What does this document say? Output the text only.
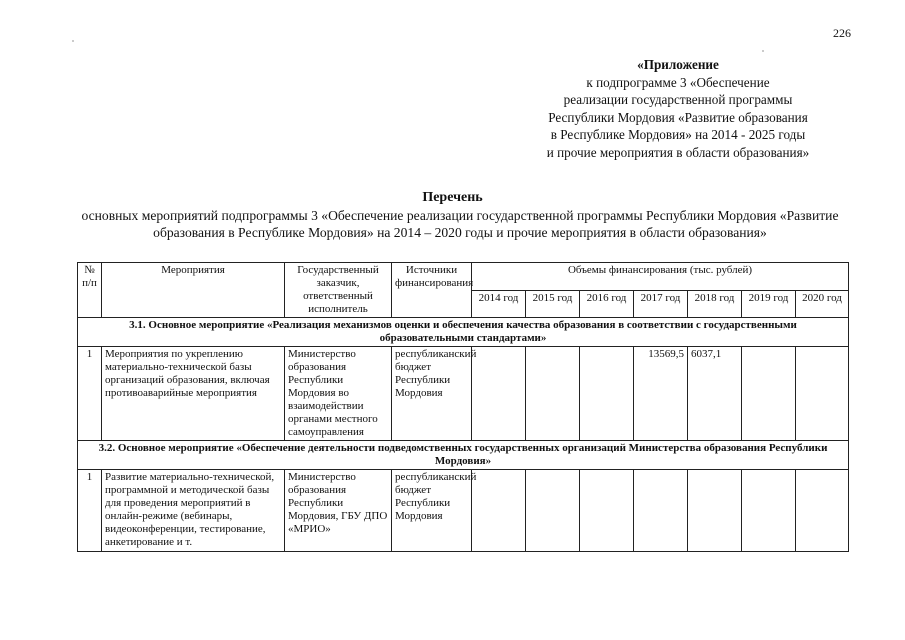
226
«Приложение
к подпрограмме 3 «Обеспечение
реализации государственной программы
Республики Мордовия «Развитие образования
в Республике Мордовия» на 2014 - 2025 годы
и прочие мероприятия в области образования»
Перечень
основных мероприятий подпрограммы 3 «Обеспечение реализации государственной программы Республики Мордовия «Развитие образования в Республике Мордовия» на 2014 – 2020 годы и прочие мероприятия в области образования»
№ п/п	Мероприятия	Государственный заказчик, ответственный исполнитель	Источники финансирования	Объемы финансирования (тыс. рублей)						
				2014 год	2015 год	2016 год	2017 год	2018 год	2019 год	2020 год
3.1. Основное мероприятие «Реализация механизмов оценки и обеспечения качества образования в соответствии с государственными образовательными стандартами»										
1	Мероприятия по укреплению материально-технической базы организаций образования, включая противоаварийные мероприятия	Министерство образования Республики Мордовия во взаимодействии органами местного самоуправления	республиканский бюджет Республики Мордовия				13569,5	6037,1		
3.2. Основное мероприятие «Обеспечение деятельности подведомственных государственных организаций Министерства образования Республики Мордовия»										
1	Развитие материально-технической, программной и методической базы для проведения мероприятий в онлайн-режиме (вебинары, видеоконференции, тестирование, анкетирование и т.	Министерство образования Республики Мордовия, ГБУ ДПО «МРИО»	республиканский бюджет Республики Мордовия							
